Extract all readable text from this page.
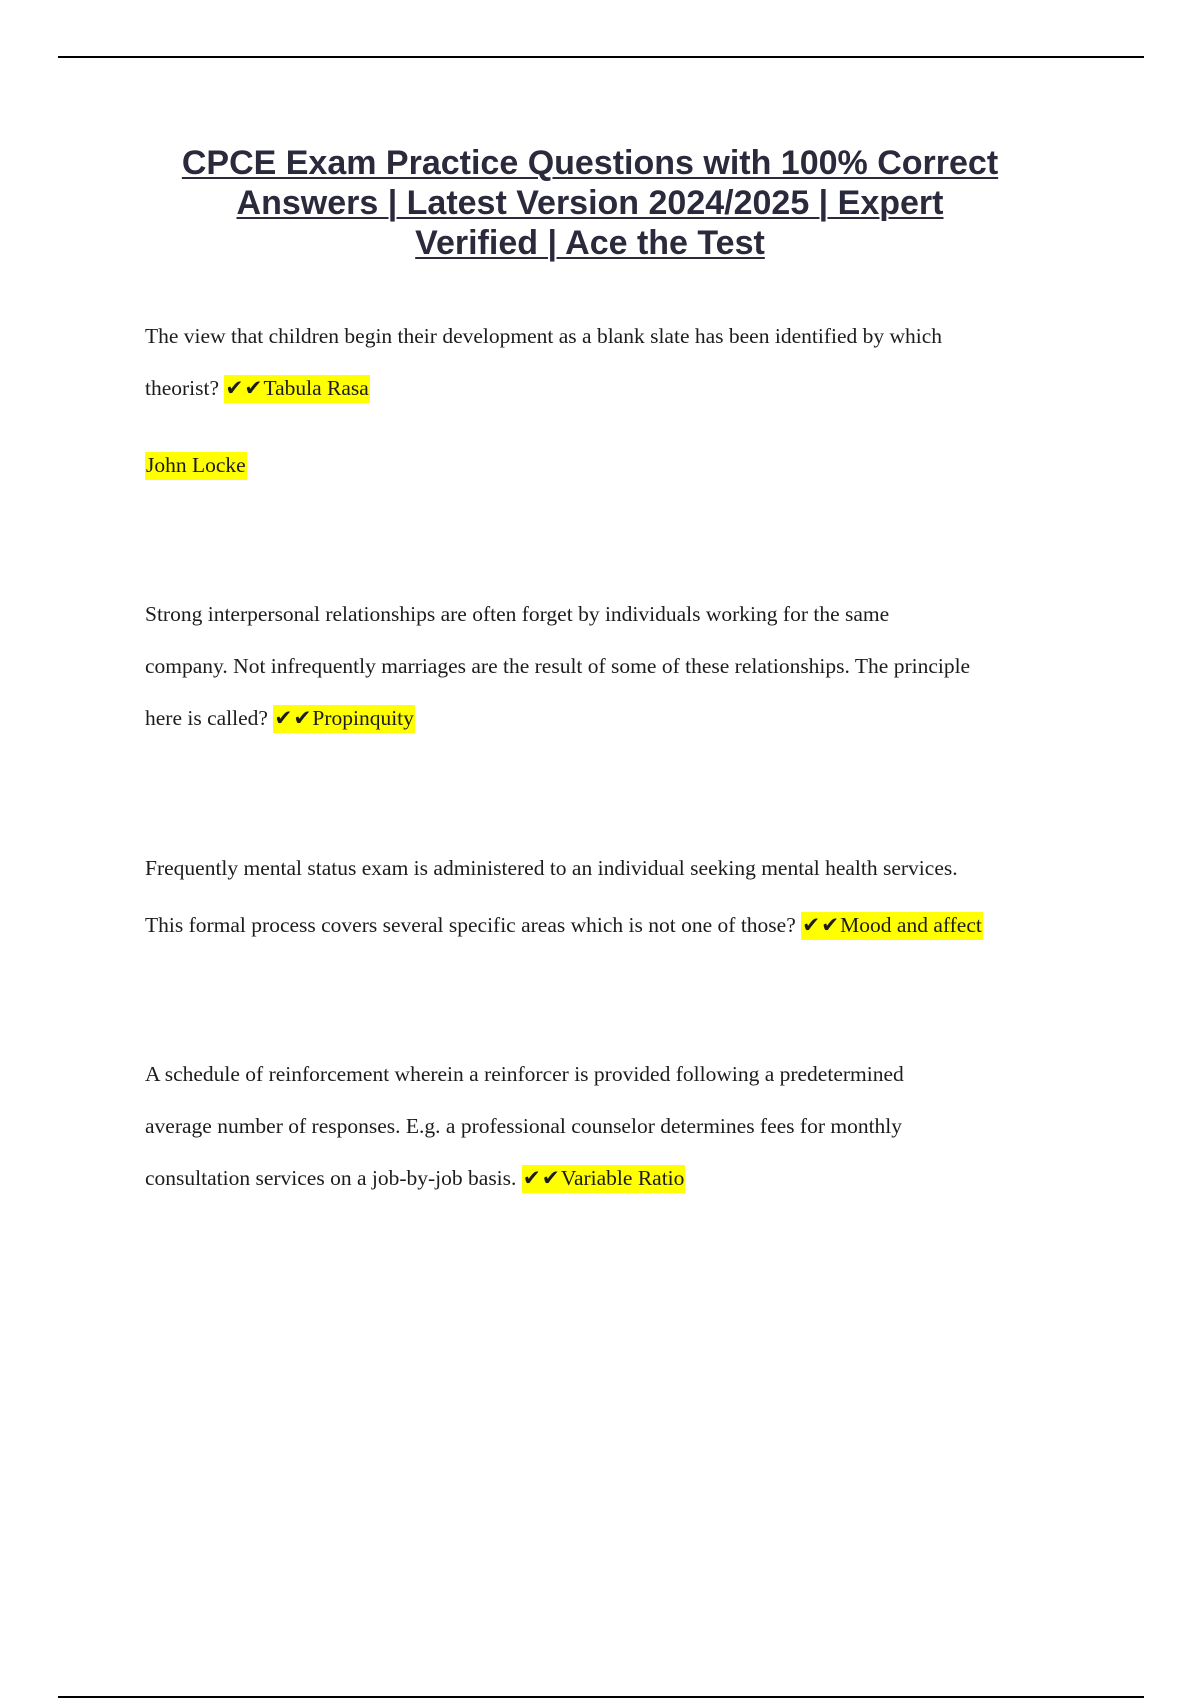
CPCE Exam Practice Questions with 100% Correct
Answers | Latest Version 2024/2025 | Expert
Verified | Ace the Test
The view that children begin their development as a blank slate has been identified by which
theorist? ✔✔Tabula Rasa
John Locke
Strong interpersonal relationships are often forget by individuals working for the same
company. Not infrequently marriages are the result of some of these relationships. The principle
here is called? ✔✔Propinquity
Frequently mental status exam is administered to an individual seeking mental health services.
This formal process covers several specific areas which is not one of those? ✔✔Mood and affect
A schedule of reinforcement wherein a reinforcer is provided following a predetermined
average number of responses. E.g. a professional counselor determines fees for monthly
consultation services on a job-by-job basis. ✔✔Variable Ratio
